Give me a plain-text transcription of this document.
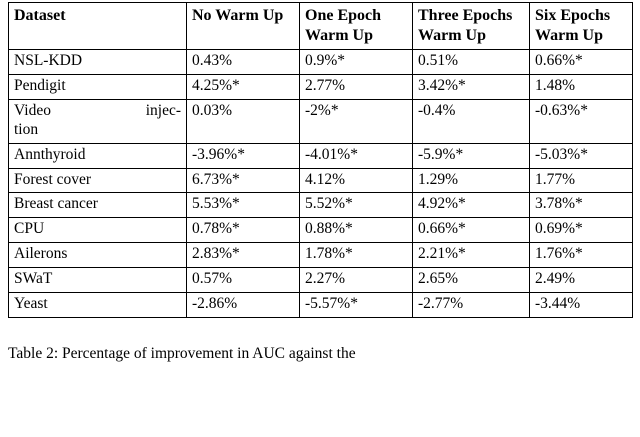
Dataset	No Warm Up	One Epoch Warm Up	Three Epochs Warm Up	Six Epochs Warm Up
NSL-KDD	0.43%	0.9%*	0.51%	0.66%*
Pendigit	4.25%*	2.77%	3.42%*	1.48%
Video injec-
tion	0.03%	-2%*	-0.4%	-0.63%*
Annthyroid	-3.96%*	-4.01%*	-5.9%*	-5.03%*
Forest cover	6.73%*	4.12%	1.29%	1.77%
Breast cancer	5.53%*	5.52%*	4.92%*	3.78%*
CPU	0.78%*	0.88%*	0.66%*	0.69%*
Ailerons	2.83%*	1.78%*	2.21%*	1.76%*
SWaT	0.57%	2.27%	2.65%	2.49%
Yeast	-2.86%	-5.57%*	-2.77%	-3.44%
Table 2: Percentage of improvement in AUC against the
